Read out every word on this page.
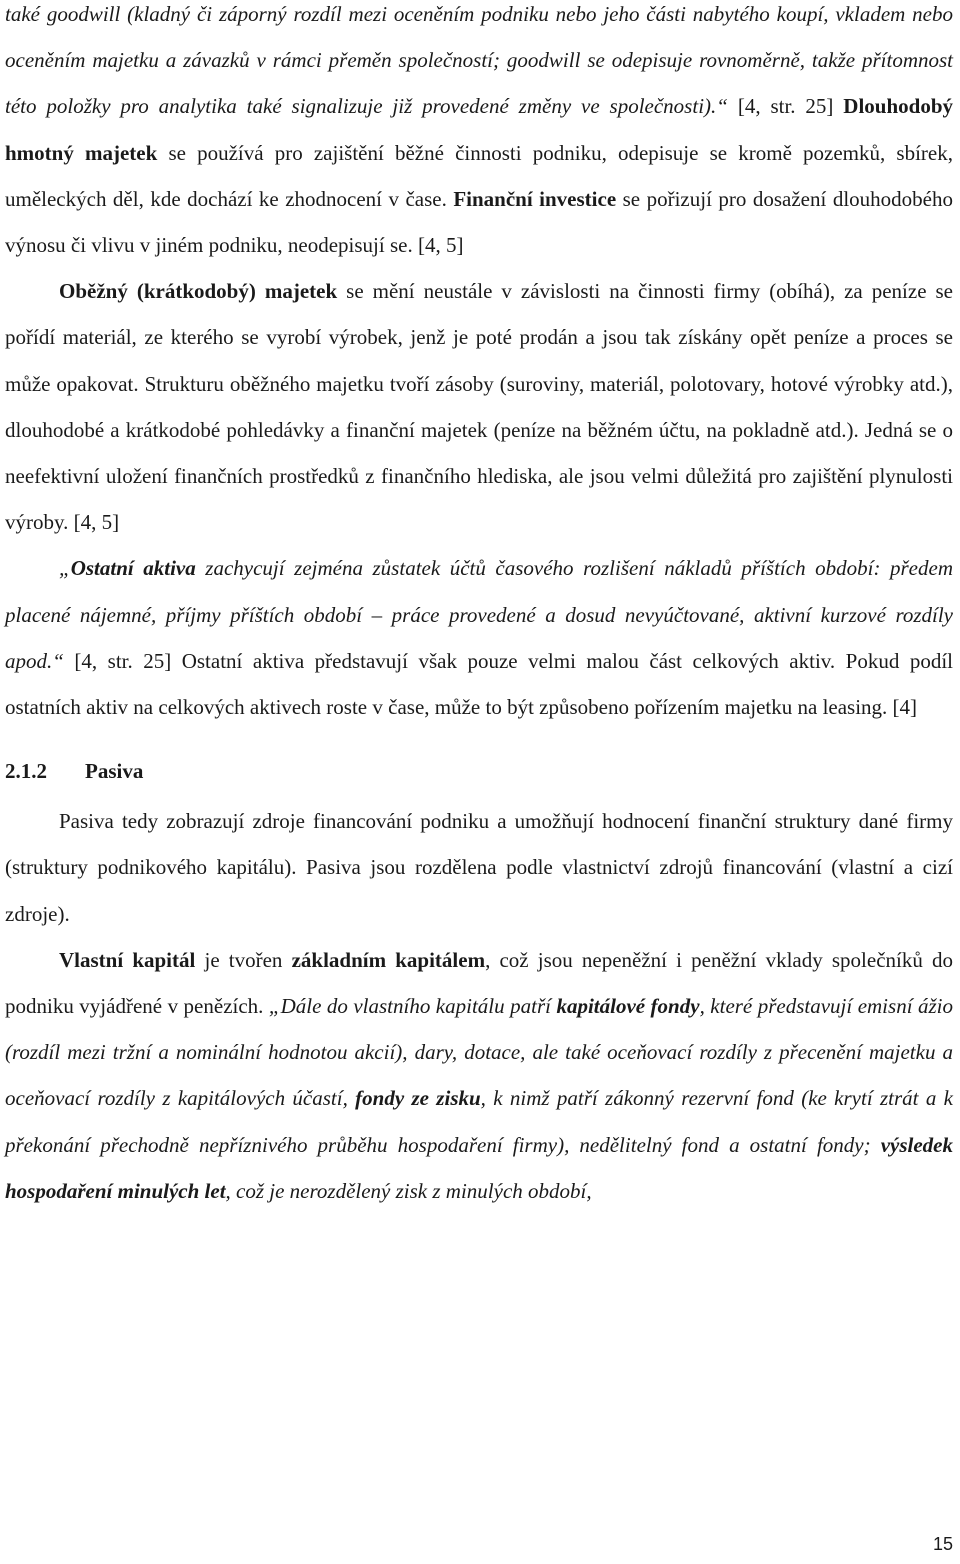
také goodwill (kladný či záporný rozdíl mezi oceněním podniku nebo jeho části nabytého koupí, vkladem nebo oceněním majetku a závazků v rámci přeměn společností; goodwill se odepisuje rovnoměrně, takže přítomnost této položky pro analytika také signalizuje již provedené změny ve společnosti).“ [4, str. 25] Dlouhodobý hmotný majetek se používá pro zajištění běžné činnosti podniku, odepisuje se kromě pozemků, sbírek, uměleckých děl, kde dochází ke zhodnocení v čase. Finanční investice se pořizují pro dosažení dlouhodobého výnosu či vlivu v jiném podniku, neodepisují se. [4, 5]

Oběžný (krátkodobý) majetek se mění neustále v závislosti na činnosti firmy (obíhá), za peníze se pořídí materiál, ze kterého se vyrobí výrobek, jenž je poté prodán a jsou tak získány opět peníze a proces se může opakovat. Strukturu oběžného majetku tvoří zásoby (suroviny, materiál, polotovary, hotové výrobky atd.), dlouhodobé a krátkodobé pohledávky a finanční majetek (peníze na běžném účtu, na pokladně atd.). Jedná se o neefektivní uložení finančních prostředků z finančního hlediska, ale jsou velmi důležitá pro zajištění plynulosti výroby. [4, 5]

„Ostatní aktiva zachycují zejména zůstatek účtů časového rozlišení nákladů příštích období: předem placené nájemné, příjmy příštích období – práce provedené a dosud nevyúčtované, aktivní kurzové rozdíly apod.“ [4, str. 25] Ostatní aktiva představují však pouze velmi malou část celkových aktiv. Pokud podíl ostatních aktiv na celkových aktivech roste v čase, může to být způsobeno pořízením majetku na leasing. [4]

2.1.2 Pasiva

Pasiva tedy zobrazují zdroje financování podniku a umožňují hodnocení finanční struktury dané firmy (struktury podnikového kapitálu). Pasiva jsou rozdělena podle vlastnictví zdrojů financování (vlastní a cizí zdroje).

Vlastní kapitál je tvořen základním kapitálem, což jsou nepeněžní i peněžní vklady společníků do podniku vyjádřené v penězích. „Dále do vlastního kapitálu patří kapitálové fondy, které představují emisní ážio (rozdíl mezi tržní a nominální hodnotou akcií), dary, dotace, ale také oceňovací rozdíly z přecenění majetku a oceňovací rozdíly z kapitálových účastí, fondy ze zisku, k nimž patří zákonný rezervní fond (ke krytí ztrát a k překonání přechodně nepříznivého průběhu hospodaření firmy), nedělitelný fond a ostatní fondy; výsledek hospodaření minulých let, což je nerozdělený zisk z minulých období,

15
